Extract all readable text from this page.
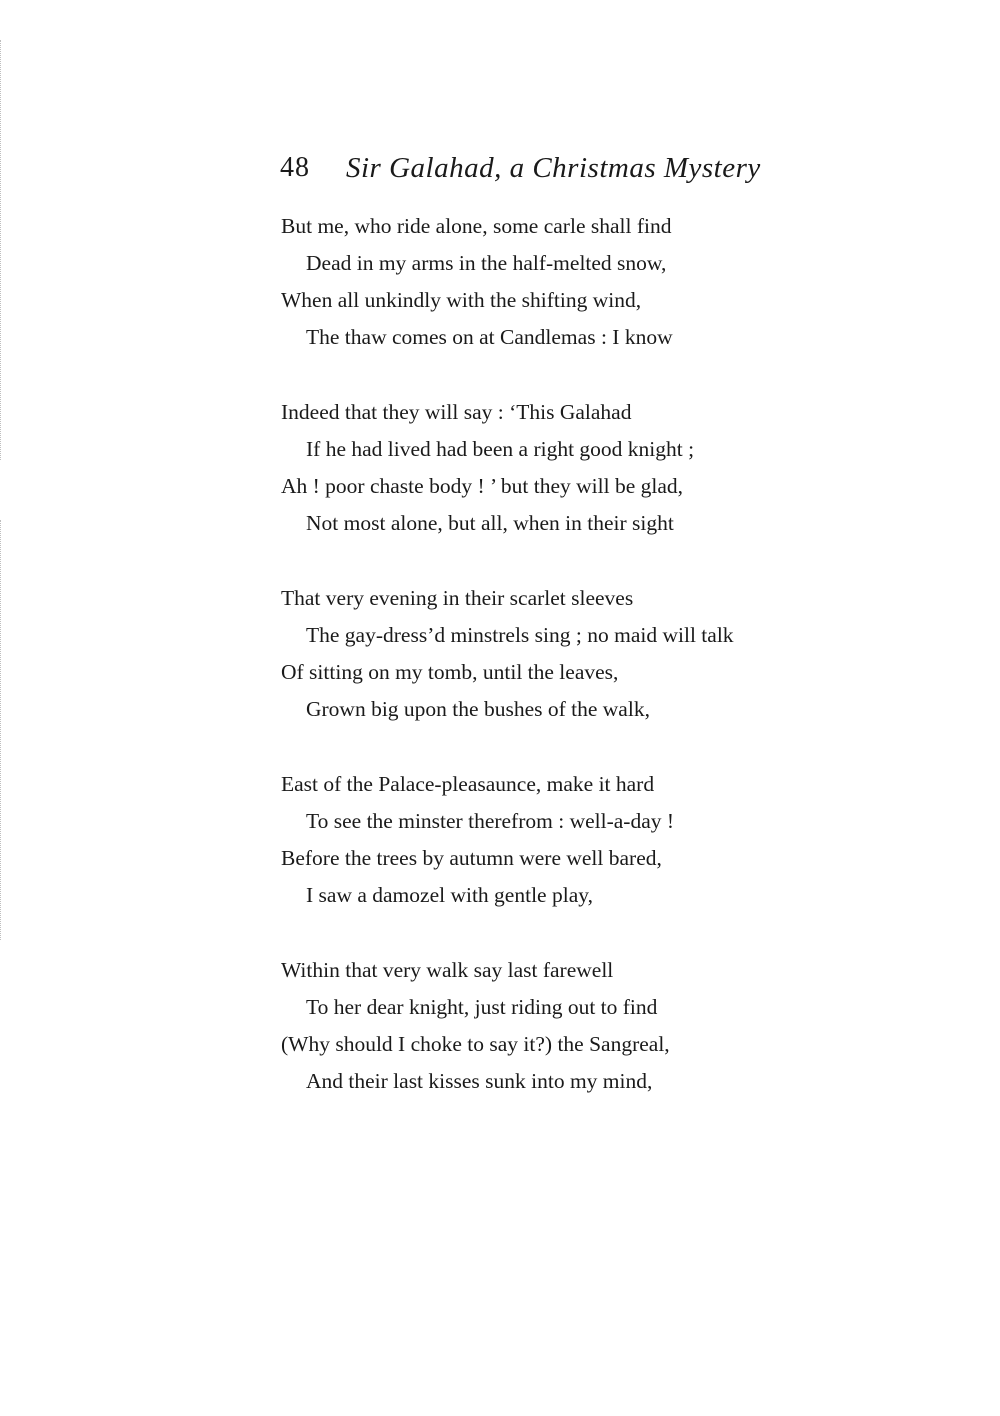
48 Sir Galahad, a Christmas Mystery
But me, who ride alone, some carle shall find
Dead in my arms in the half-melted snow,
When all unkindly with the shifting wind,
The thaw comes on at Candlemas : I know
Indeed that they will say : ‘This Galahad
If he had lived had been a right good knight ;
Ah ! poor chaste body ! ’ but they will be glad,
Not most alone, but all, when in their sight
That very evening in their scarlet sleeves
The gay-dress’d minstrels sing ; no maid will talk
Of sitting on my tomb, until the leaves,
Grown big upon the bushes of the walk,
East of the Palace-pleasaunce, make it hard
To see the minster therefrom : well-a-day !
Before the trees by autumn were well bared,
I saw a damozel with gentle play,
Within that very walk say last farewell
To her dear knight, just riding out to find
(Why should I choke to say it?) the Sangreal,
And their last kisses sunk into my mind,
